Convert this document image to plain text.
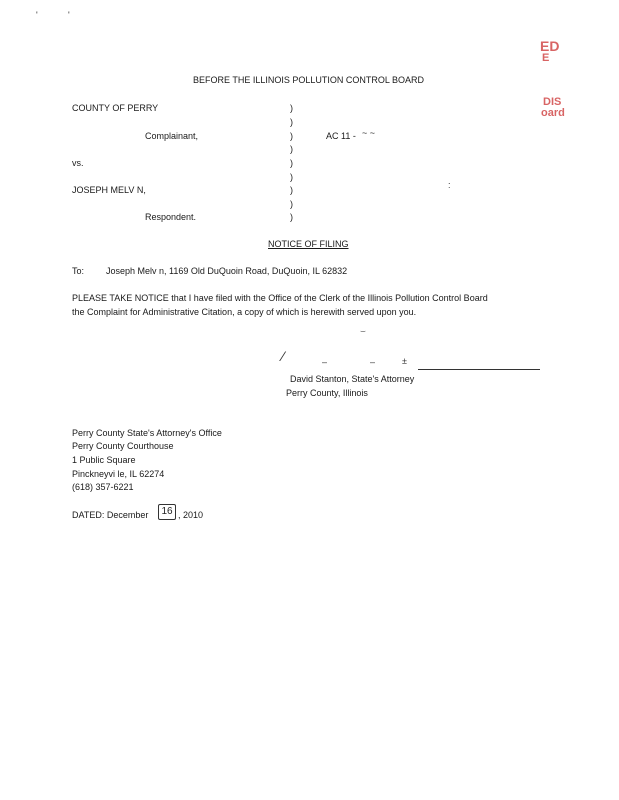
ED
E
DIS
oard
'	'
BEFORE THE ILLINOIS POLLUTION CONTROL BOARD
COUNTY OF PERRY
Complainant,	AC 11 - ~ ~
vs.
JOSEPH MELV N,
Respondent.
:
)
)
)
)
)
)
)
)
)
NOTICE OF FILING
To: Joseph Melv n, 1169 Old DuQuoin Road, DuQuoin, IL 62832
PLEASE TAKE NOTICE that I have filed with the Office of the Clerk of the Illinois Pollution Control Board
the Complaint for Administrative Citation, a copy of which is herewith served upon you.
⌣
⁄	–	–	±
David Stanton, State's Attorney
Perry County, Illinois
Perry County State's Attorney's Office
Perry County Courthouse
1 Public Square
Pinckneyvi le, IL 62274
(618) 357-6221
DATED: December	16 , 2010
